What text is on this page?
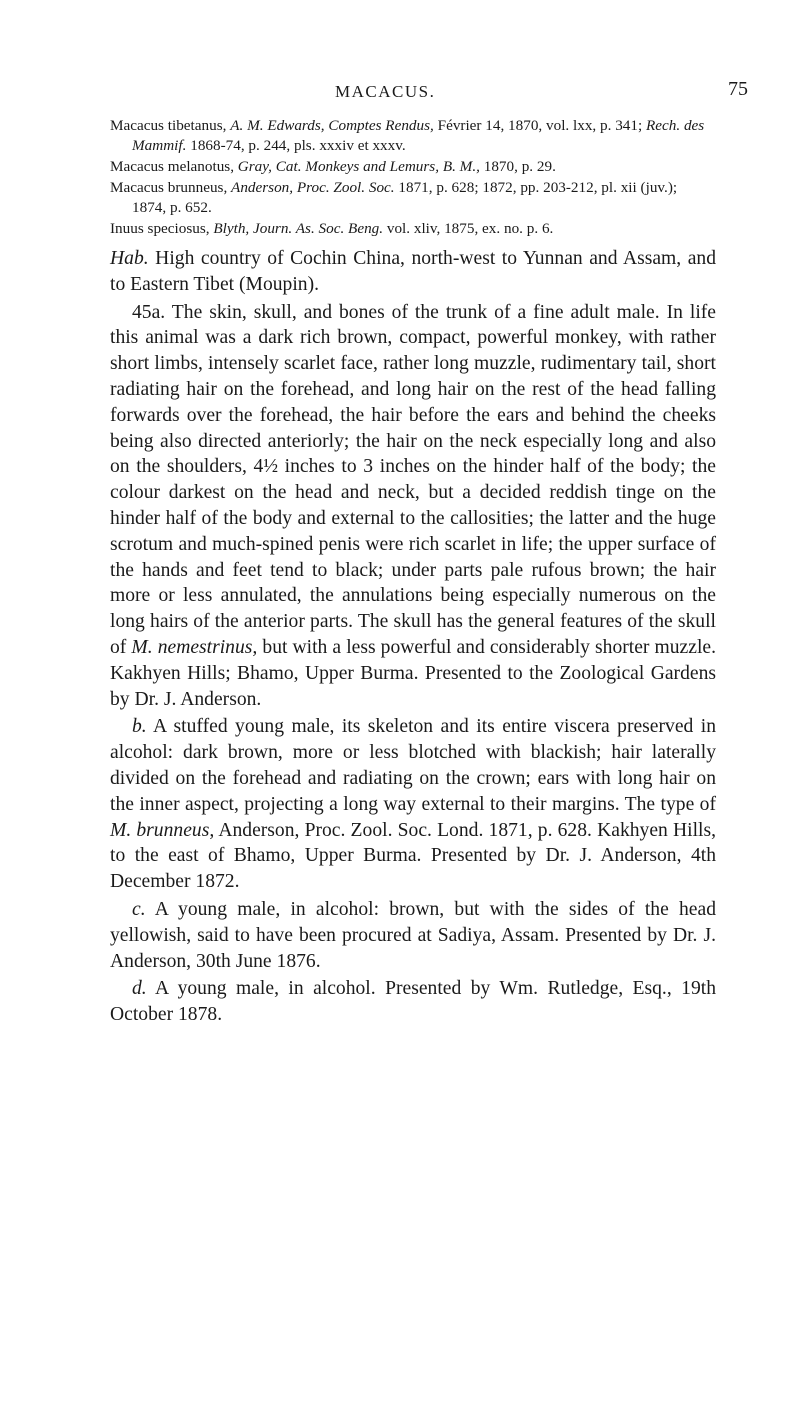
MACACUS.	75

Macacus tibetanus, A. M. Edwards, Comptes Rendus, Février 14, 1870, vol. lxx, p. 341; Rech. des Mammif. 1868-74, p. 244, pls. xxxiv et xxxv.

Macacus melanotus, Gray, Cat. Monkeys and Lemurs, B. M., 1870, p. 29.

Macacus brunneus, Anderson, Proc. Zool. Soc. 1871, p. 628; 1872, pp. 203-212, pl. xii (juv.); 1874, p. 652.

Inuus speciosus, Blyth, Journ. As. Soc. Beng. vol. xliv, 1875, ex. no. p. 6.

Hab. High country of Cochin China, north-west to Yunnan and Assam, and to Eastern Tibet (Moupin).

45a. The skin, skull, and bones of the trunk of a fine adult male. In life this animal was a dark rich brown, compact, powerful monkey, with rather short limbs, intensely scarlet face, rather long muzzle, rudimentary tail, short radiating hair on the forehead, and long hair on the rest of the head falling forwards over the forehead, the hair before the ears and behind the cheeks being also directed anteriorly; the hair on the neck especially long and also on the shoulders, 4½ inches to 3 inches on the hinder half of the body; the colour darkest on the head and neck, but a decided reddish tinge on the hinder half of the body and external to the callosities; the latter and the huge scrotum and much-spined penis were rich scarlet in life; the upper surface of the hands and feet tend to black; under parts pale rufous brown; the hair more or less annulated, the annulations being especially numerous on the long hairs of the anterior parts. The skull has the general features of the skull of M. nemestrinus, but with a less powerful and considerably shorter muzzle. Kakhyen Hills; Bhamo, Upper Burma. Presented to the Zoological Gardens by Dr. J. Anderson.

b. A stuffed young male, its skeleton and its entire viscera preserved in alcohol: dark brown, more or less blotched with blackish; hair laterally divided on the forehead and radiating on the crown; ears with long hair on the inner aspect, projecting a long way external to their margins. The type of M. brunneus, Anderson, Proc. Zool. Soc. Lond. 1871, p. 628. Kakhyen Hills, to the east of Bhamo, Upper Burma. Presented by Dr. J. Anderson, 4th December 1872.

c. A young male, in alcohol: brown, but with the sides of the head yellowish, said to have been procured at Sadiya, Assam. Presented by Dr. J. Anderson, 30th June 1876.

d. A young male, in alcohol. Presented by Wm. Rutledge, Esq., 19th October 1878.
